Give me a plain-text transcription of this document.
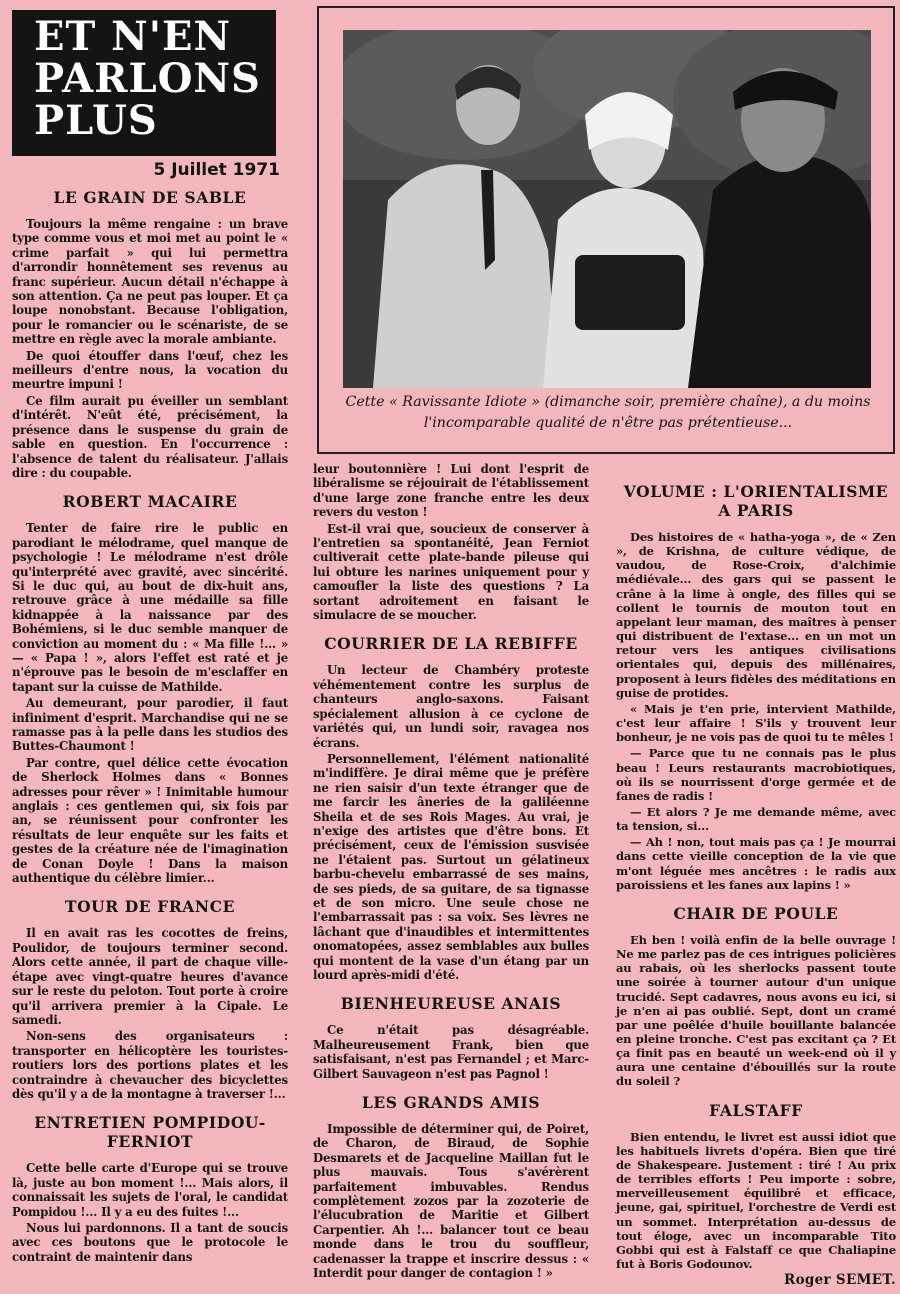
ET N'EN
PARLONS
PLUS
5 Juillet 1971
Cette « Ravissante Idiote » (dimanche soir, première chaîne), a du moins l'incomparable qualité de n'être pas prétentieuse...
LE GRAIN DE SABLE

Toujours la même rengaine : un brave type comme vous et moi met au point le « crime parfait » qui lui permettra d'arrondir honnêtement ses revenus au franc supérieur. Aucun détail n'échappe à son attention. Ça ne peut pas louper. Et ça loupe nonobstant. Because l'obligation, pour le romancier ou le scénariste, de se mettre en règle avec la morale ambiante.

De quoi étouffer dans l'œuf, chez les meilleurs d'entre nous, la vocation du meurtre impuni !

Ce film aurait pu éveiller un semblant d'intérêt. N'eût été, précisément, la présence dans le suspense du grain de sable en question. En l'occurrence : l'absence de talent du réalisateur. J'allais dire : du coupable.

ROBERT MACAIRE

Tenter de faire rire le public en parodiant le mélodrame, quel manque de psychologie ! Le mélodrame n'est drôle qu'interprété avec gravité, avec sincérité. Si le duc qui, au bout de dix-huit ans, retrouve grâce à une médaille sa fille kidnappée à la naissance par des Bohémiens, si le duc semble manquer de conviction au moment du : « Ma fille !... » — « Papa ! », alors l'effet est raté et je n'éprouve pas le besoin de m'esclaffer en tapant sur la cuisse de Mathilde.

Au demeurant, pour parodier, il faut infiniment d'esprit. Marchandise qui ne se ramasse pas à la pelle dans les studios des Buttes-Chaumont !

Par contre, quel délice cette évocation de Sherlock Holmes dans « Bonnes adresses pour rêver » ! Inimitable humour anglais : ces gentlemen qui, six fois par an, se réunissent pour confronter les résultats de leur enquête sur les faits et gestes de la créature née de l'imagination de Conan Doyle ! Dans la maison authentique du célèbre limier...

TOUR DE FRANCE

Il en avait ras les cocottes de freins, Poulidor, de toujours terminer second. Alors cette année, il part de chaque ville-étape avec vingt-quatre heures d'avance sur le reste du peloton. Tout porte à croire qu'il arrivera premier à la Cipale. Le samedi.

Non-sens des organisateurs : transporter en hélicoptère les touristes-routiers lors des portions plates et les contraindre à chevaucher des bicyclettes dès qu'il y a de la montagne à traverser !...

ENTRETIEN POMPIDOU-FERNIOT

Cette belle carte d'Europe qui se trouve là, juste au bon moment !... Mais alors, il connaissait les sujets de l'oral, le candidat Pompidou !... Il y a eu des fuites !...

Nous lui pardonnons. Il a tant de soucis avec ces boutons que le protocole le contraint de maintenir dans

leur boutonnière ! Lui dont l'esprit de libéralisme se réjouirait de l'établissement d'une large zone franche entre les deux revers du veston !

Est-il vrai que, soucieux de conserver à l'entretien sa spontanéité, Jean Ferniot cultiverait cette plate-bande pileuse qui lui obture les narines uniquement pour y camoufler la liste des questions ? La sortant adroitement en faisant le simulacre de se moucher.

COURRIER DE LA REBIFFE

Un lecteur de Chambéry proteste véhémentement contre les surplus de chanteurs anglo-saxons. Faisant spécialement allusion à ce cyclone de variétés qui, un lundi soir, ravagea nos écrans.

Personnellement, l'élément nationalité m'indiffère. Je dirai même que je préfère ne rien saisir d'un texte étranger que de me farcir les âneries de la galiléenne Sheila et de ses Rois Mages. Au vrai, je n'exige des artistes que d'être bons. Et précisément, ceux de l'émission susvisée ne l'étaient pas. Surtout un gélatineux barbu-chevelu embarrassé de ses mains, de ses pieds, de sa guitare, de sa tignasse et de son micro. Une seule chose ne l'embarrassait pas : sa voix. Ses lèvres ne lâchant que d'inaudibles et intermittentes onomatopées, assez semblables aux bulles qui montent de la vase d'un étang par un lourd après-midi d'été.

BIENHEUREUSE ANAIS

Ce n'était pas désagréable. Malheureusement Frank, bien que satisfaisant, n'est pas Fernandel ; et Marc-Gilbert Sauvageon n'est pas Pagnol !

LES GRANDS AMIS

Impossible de déterminer qui, de Poiret, de Charon, de Biraud, de Sophie Desmarets et de Jacqueline Maillan fut le plus mauvais. Tous s'avérèrent parfaitement imbuvables. Rendus complètement zozos par la zozoterie de l'élucubration de Maritie et Gilbert Carpentier. Ah !... balancer tout ce beau monde dans le trou du souffleur, cadenasser la trappe et inscrire dessus : « Interdit pour danger de contagion ! »

VOLUME : L'ORIENTALISME A PARIS

Des histoires de « hatha-yoga », de « Zen », de Krishna, de culture védique, de vaudou, de Rose-Croix, d'alchimie médiévale... des gars qui se passent le crâne à la lime à ongle, des filles qui se collent le tournis de mouton tout en appelant leur maman, des maîtres à penser qui distribuent de l'extase... en un mot un retour vers les antiques civilisations orientales qui, depuis des millénaires, proposent à leurs fidèles des méditations en guise de protides.

« Mais je t'en prie, intervient Mathilde, c'est leur affaire ! S'ils y trouvent leur bonheur, je ne vois pas de quoi tu te mêles !

— Parce que tu ne connais pas le plus beau ! Leurs restaurants macrobiotiques, où ils se nourrissent d'orge germée et de fanes de radis !

— Et alors ? Je me demande même, avec ta tension, si...

— Ah ! non, tout mais pas ça ! Je mourrai dans cette vieille conception de la vie que m'ont léguée mes ancêtres : le radis aux paroissiens et les fanes aux lapins ! »

CHAIR DE POULE

Eh ben ! voilà enfin de la belle ouvrage ! Ne me parlez pas de ces intrigues policières au rabais, où les sherlocks passent toute une soirée à tourner autour d'un unique trucidé. Sept cadavres, nous avons eu ici, si je n'en ai pas oublié. Sept, dont un cramé par une poêlée d'huile bouillante balancée en pleine tronche. C'est pas excitant ça ? Et ça finit pas en beauté un week-end où il y aura une centaine d'ébouillés sur la route du soleil ?

FALSTAFF

Bien entendu, le livret est aussi idiot que les habituels livrets d'opéra. Bien que tiré de Shakespeare. Justement : tiré ! Au prix de terribles efforts ! Peu importe : sobre, merveilleusement équilibré et efficace, jeune, gai, spirituel, l'orchestre de Verdi est un sommet. Interprétation au-dessus de tout éloge, avec un incomparable Tito Gobbi qui est à Falstaff ce que Chaliapine fut à Boris Godounov.

Roger SEMET.
